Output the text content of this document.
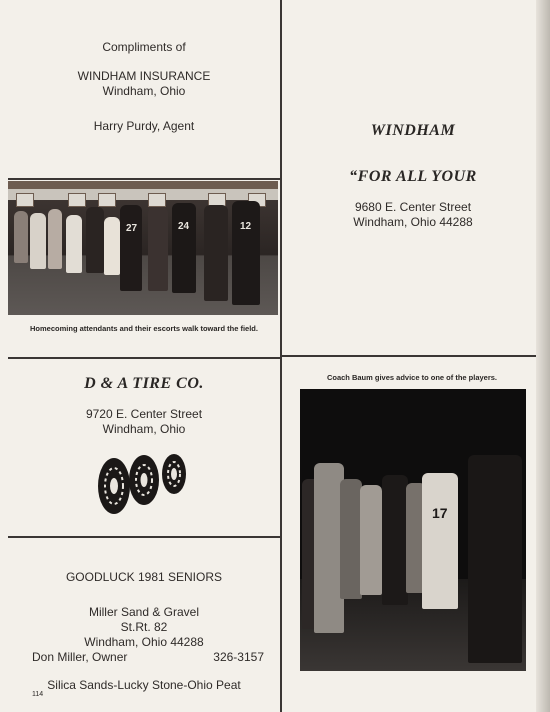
Compliments of
WINDHAM INSURANCE
Windham, Ohio
Harry Purdy, Agent
27	24	12
Homecoming attendants and their escorts walk toward the field.
WINDHAM
“FOR ALL YOUR
9680 E. Center Street
Windham, Ohio 44288
D & A TIRE CO.
9720 E. Center Street
Windham, Ohio
GOODLUCK 1981 SENIORS
Miller Sand & Gravel
St.Rt. 82
Windham, Ohio 44288
Don Miller, Owner	326-3157
Silica Sands-Lucky Stone-Ohio Peat
114
Coach Baum gives advice to one of the players.
17
